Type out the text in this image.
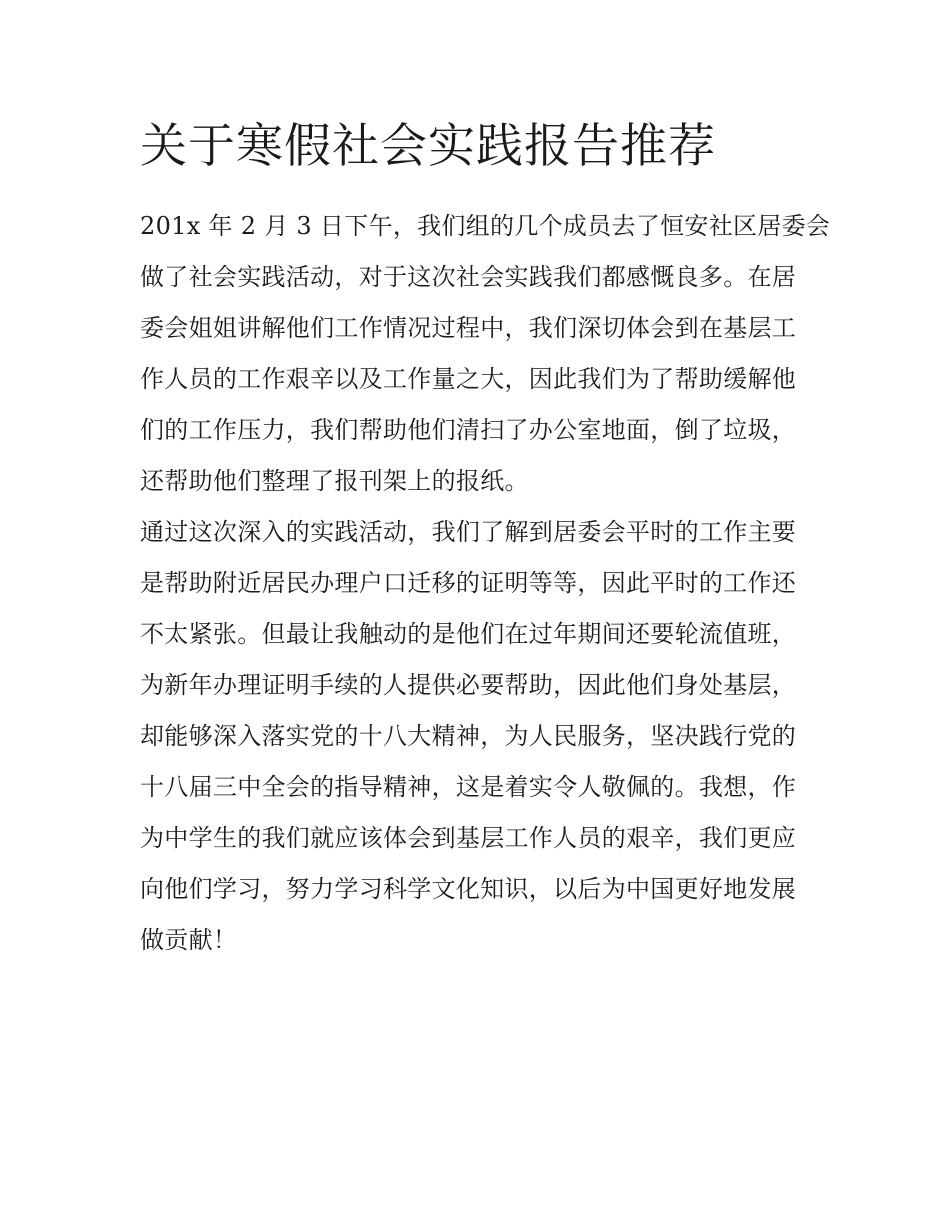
关于寒假社会实践报告推荐
201x 年 2 月 3 日下午，我们组的几个成员去了恒安社区居委会
做了社会实践活动，对于这次社会实践我们都感慨良多。在居
委会姐姐讲解他们工作情况过程中，我们深切体会到在基层工
作人员的工作艰辛以及工作量之大，因此我们为了帮助缓解他
们的工作压力，我们帮助他们清扫了办公室地面，倒了垃圾，
还帮助他们整理了报刊架上的报纸。
通过这次深入的实践活动，我们了解到居委会平时的工作主要
是帮助附近居民办理户口迁移的证明等等，因此平时的工作还
不太紧张。但最让我触动的是他们在过年期间还要轮流值班，
为新年办理证明手续的人提供必要帮助，因此他们身处基层，
却能够深入落实党的十八大精神，为人民服务，坚决践行党的
十八届三中全会的指导精神，这是着实令人敬佩的。我想，作
为中学生的我们就应该体会到基层工作人员的艰辛，我们更应
向他们学习，努力学习科学文化知识，以后为中国更好地发展
做贡献！
